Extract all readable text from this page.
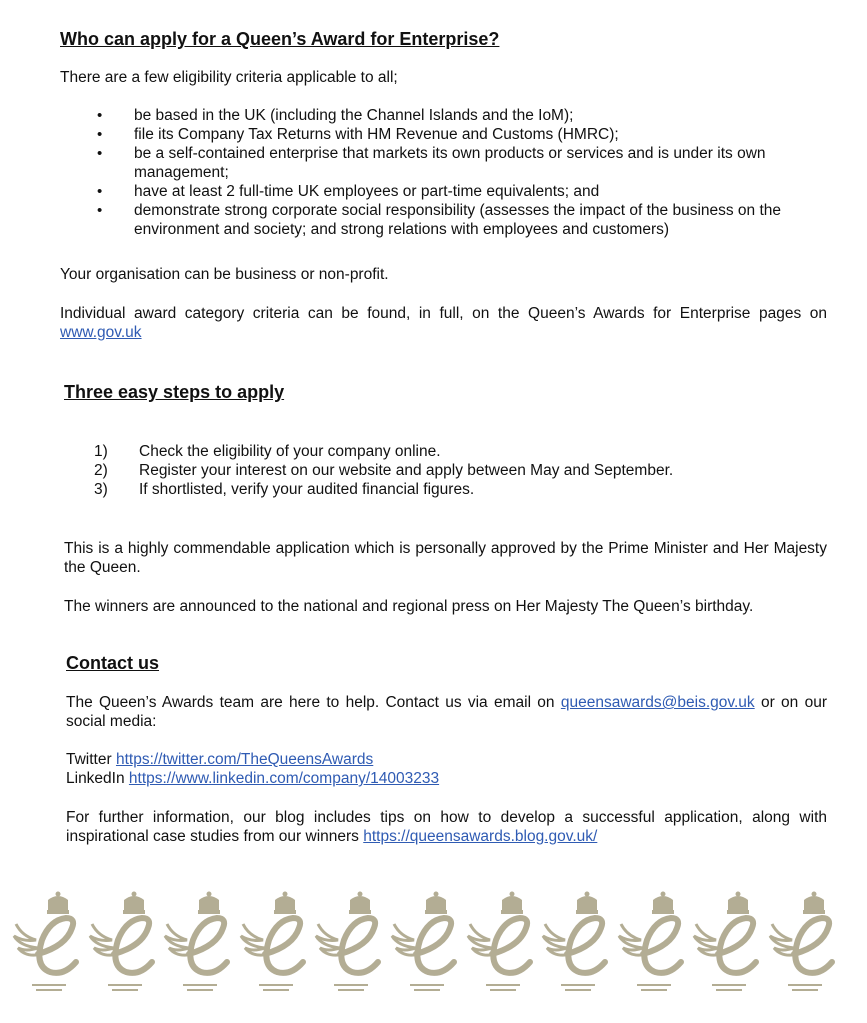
Who can apply for a Queen’s Award for Enterprise?

There are a few eligibility criteria applicable to all;

• be based in the UK (including the Channel Islands and the IoM);
• file its Company Tax Returns with HM Revenue and Customs (HMRC);
• be a self-contained enterprise that markets its own products or services and is under its own management;
• have at least 2 full-time UK employees or part-time equivalents; and
• demonstrate strong corporate social responsibility (assesses the impact of the business on the environment and society; and strong relations with employees and customers)

Your organisation can be business or non-profit.

Individual award category criteria can be found, in full, on the Queen’s Awards for Enterprise pages on www.gov.uk

Three easy steps to apply
1) Check the eligibility of your company online.
2) Register your interest on our website and apply between May and September.
3) If shortlisted, verify your audited financial figures.

This is a highly commendable application which is personally approved by the Prime Minister and Her Majesty the Queen.

The winners are announced to the national and regional press on Her Majesty The Queen’s birthday.

Contact us

The Queen’s Awards team are here to help. Contact us via email on queensawards@beis.gov.uk or on our social media:

Twitter https://twitter.com/TheQueensAwards
LinkedIn https://www.linkedin.com/company/14003233

For further information, our blog includes tips on how to develop a successful application, along with inspirational case studies from our winners https://queensawards.blog.gov.uk/
